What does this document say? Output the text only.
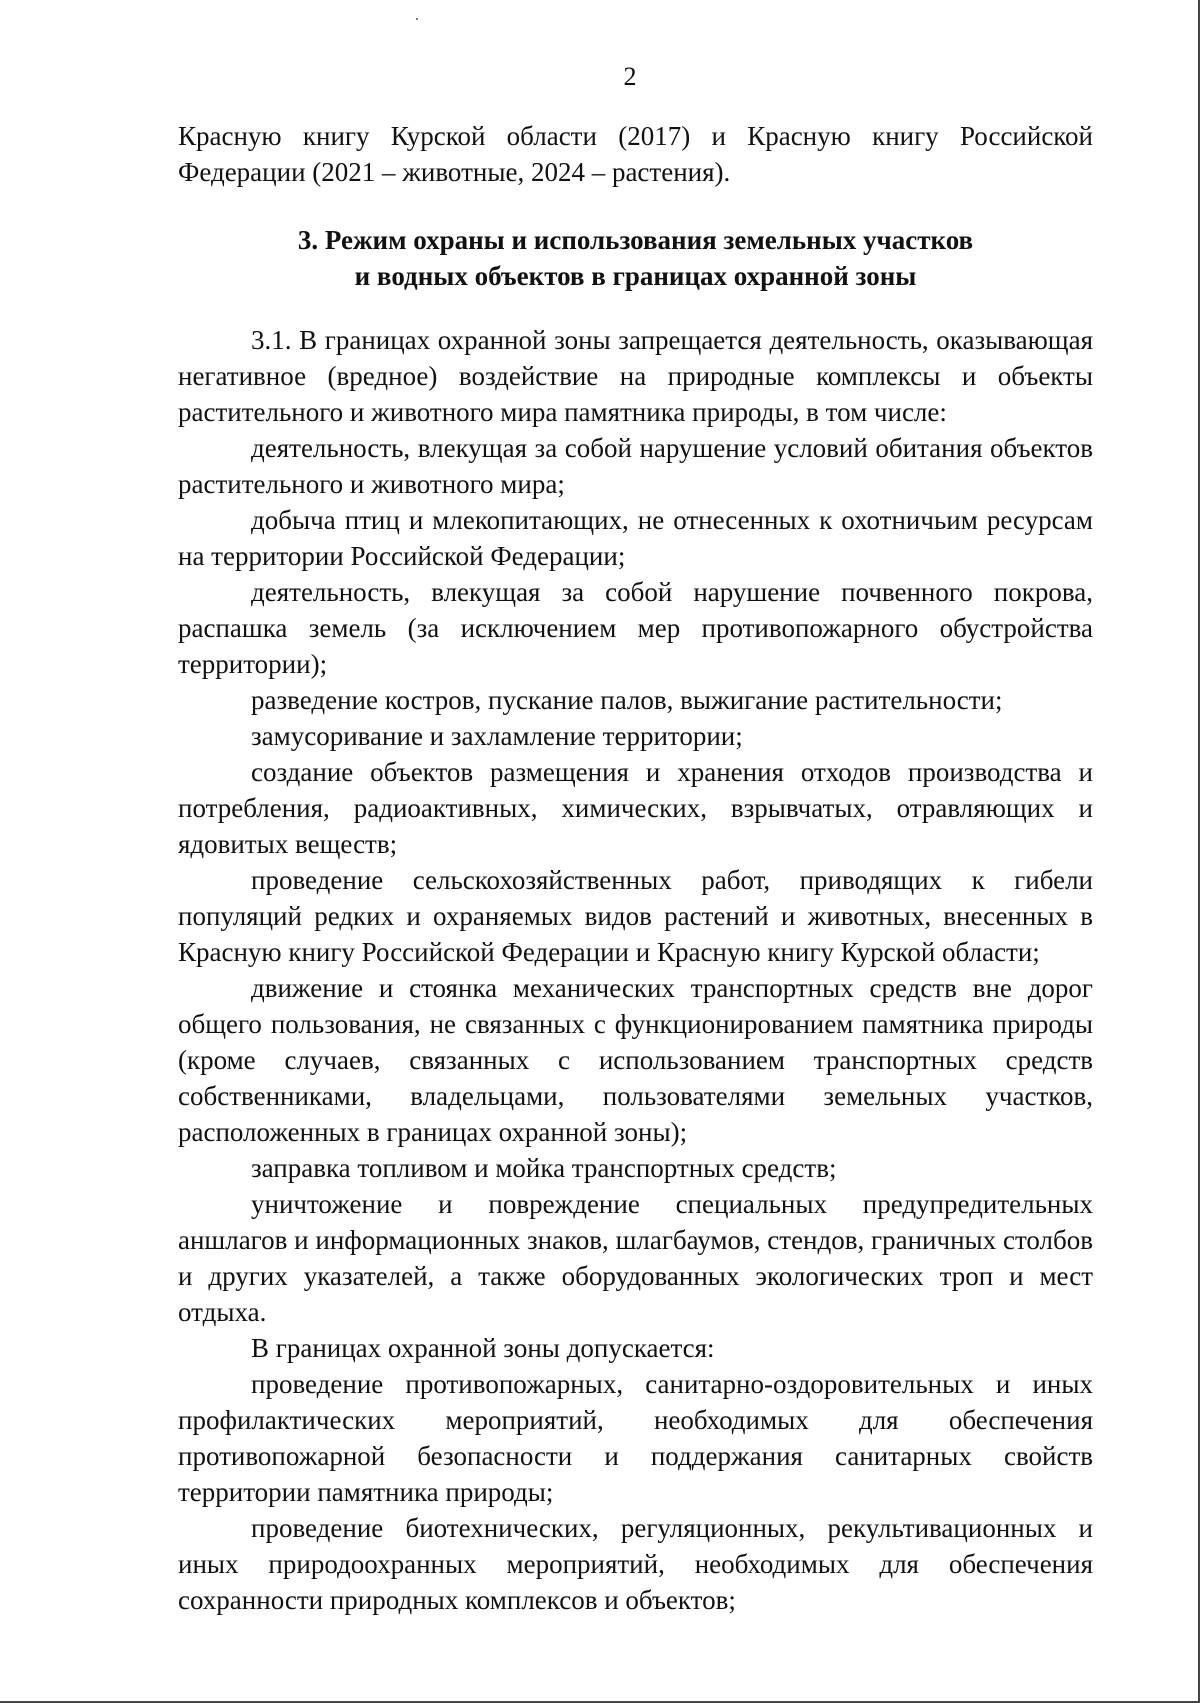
2

Красную книгу Курской области (2017) и Красную книгу Российской Федерации (2021 – животные, 2024 – растения).

3. Режим охраны и использования земельных участков
и водных объектов в границах охранной зоны

3.1. В границах охранной зоны запрещается деятельность, оказывающая негативное (вредное) воздействие на природные комплексы и объекты растительного и животного мира памятника природы, в том числе:

деятельность, влекущая за собой нарушение условий обитания объектов растительного и животного мира;

добыча птиц и млекопитающих, не отнесенных к охотничьим ресурсам на территории Российской Федерации;

деятельность, влекущая за собой нарушение почвенного покрова, распашка земель (за исключением мер противопожарного обустройства территории);

разведение костров, пускание палов, выжигание растительности;

замусоривание и захламление территории;

создание объектов размещения и хранения отходов производства и потребления, радиоактивных, химических, взрывчатых, отравляющих и ядовитых веществ;

проведение сельскохозяйственных работ, приводящих к гибели популяций редких и охраняемых видов растений и животных, внесенных в Красную книгу Российской Федерации и Красную книгу Курской области;

движение и стоянка механических транспортных средств вне дорог общего пользования, не связанных с функционированием памятника природы (кроме случаев, связанных с использованием транспортных средств собственниками, владельцами, пользователями земельных участков, расположенных в границах охранной зоны);

заправка топливом и мойка транспортных средств;

уничтожение и повреждение специальных предупредительных аншлагов и информационных знаков, шлагбаумов, стендов, граничных столбов и других указателей, а также оборудованных экологических троп и мест отдыха.

В границах охранной зоны допускается:

проведение противопожарных, санитарно-оздоровительных и иных профилактических мероприятий, необходимых для обеспечения противопожарной безопасности и поддержания санитарных свойств территории памятника природы;

проведение биотехнических, регуляционных, рекультивационных и иных природоохранных мероприятий, необходимых для обеспечения сохранности природных комплексов и объектов;
